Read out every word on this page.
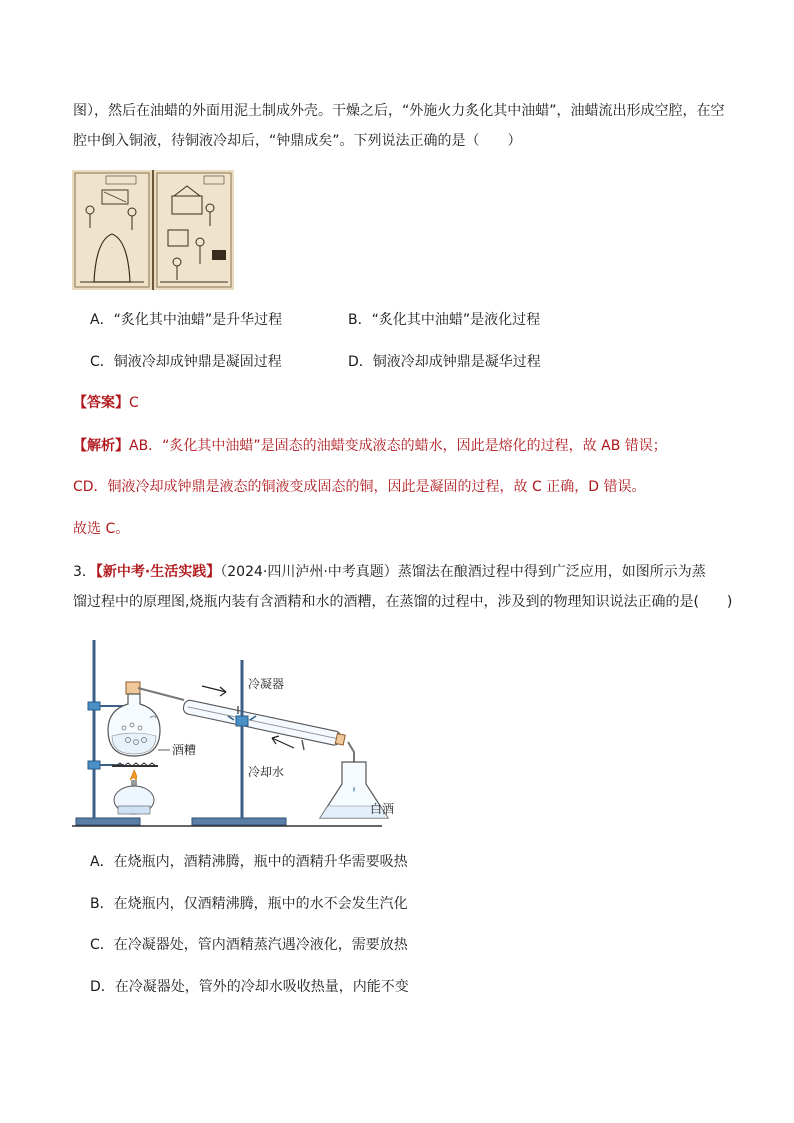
图），然后在油蜡的外面用泥土制成外壳。干燥之后，“外施火力炙化其中油蜡”，油蜡流出形成空腔，在空
腔中倒入铜液，待铜液冷却后，“钟鼎成矣”。下列说法正确的是（　　）
A．“炙化其中油蜡”是升华过程	B．“炙化其中油蜡”是液化过程
C．铜液冷却成钟鼎是凝固过程	D．铜液冷却成钟鼎是凝华过程
【答案】C
【解析】AB．“炙化其中油蜡”是固态的油蜡变成液态的蜡水，因此是熔化的过程，故 AB 错误；
CD．铜液冷却成钟鼎是液态的铜液变成固态的铜，因此是凝固的过程，故 C 正确，D 错误。
故选 C。
3．【新中考·生活实践】（2024·四川泸州·中考真题）蒸馏法在酿酒过程中得到广泛应用，如图所示为蒸
馏过程中的原理图,烧瓶内装有含酒精和水的酒糟，在蒸馏的过程中，涉及到的物理知识说法正确的是(　　)
冷凝器
酒糟
冷却水
白酒
A．在烧瓶内，酒精沸腾，瓶中的酒精升华需要吸热
B．在烧瓶内，仅酒精沸腾，瓶中的水不会发生汽化
C．在冷凝器处，管内酒精蒸汽遇冷液化，需要放热
D．在冷凝器处，管外的冷却水吸收热量，内能不变
